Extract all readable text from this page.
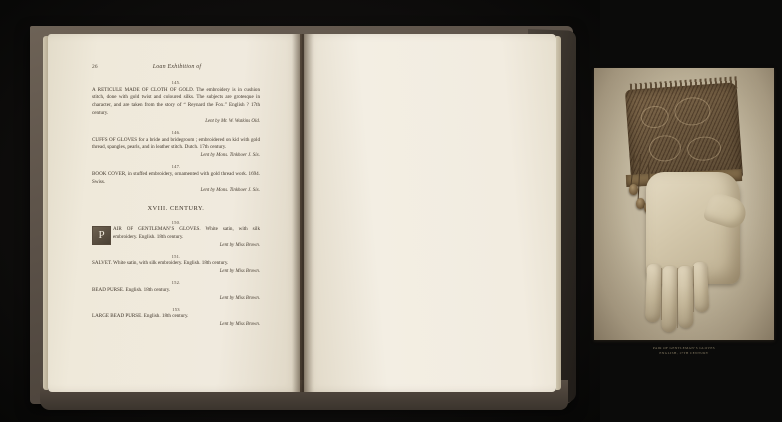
26	Loan Exhibition of
145.
A RETICULE MADE OF CLOTH OF GOLD. The embroidery is in cushion stitch, done with gold twist and coloured silks. The subjects are grotesque in character, and are taken from the story of “ Reynard the Fox.” English ? 17th century.
Lent by Mr. W. Watkins Old.
146.
CUFFS OF GLOVES for a bride and bridegroom ; embroidered on kid with gold thread, spangles, pearls, and in leather stitch. Dutch. 17th century.
Lent by Mons. Tinkhoer J. Six.
147.
BOOK COVER, in stuffed embroidery, ornamented with gold thread work. 1694. Swiss.
Lent by Mons. Tinkhoer J. Six.
XVIII. CENTURY.
150.
P	AIR OF GENTLEMAN’S GLOVES. White satin, with silk embroidery. English. 18th century.
Lent by Miss Brown.
151.
SALVET. White satin, with silk embroidery. English. 18th century.
Lent by Miss Brown.
152.
BEAD PURSE. English. 18th century.
Lent by Miss Brown.
153
LARGE BEAD PURSE. English. 18th century.
Lent by Miss Brown.
PAIR OF GENTLEMAN’S GLOVES
ENGLISH, 17TH CENTURY
